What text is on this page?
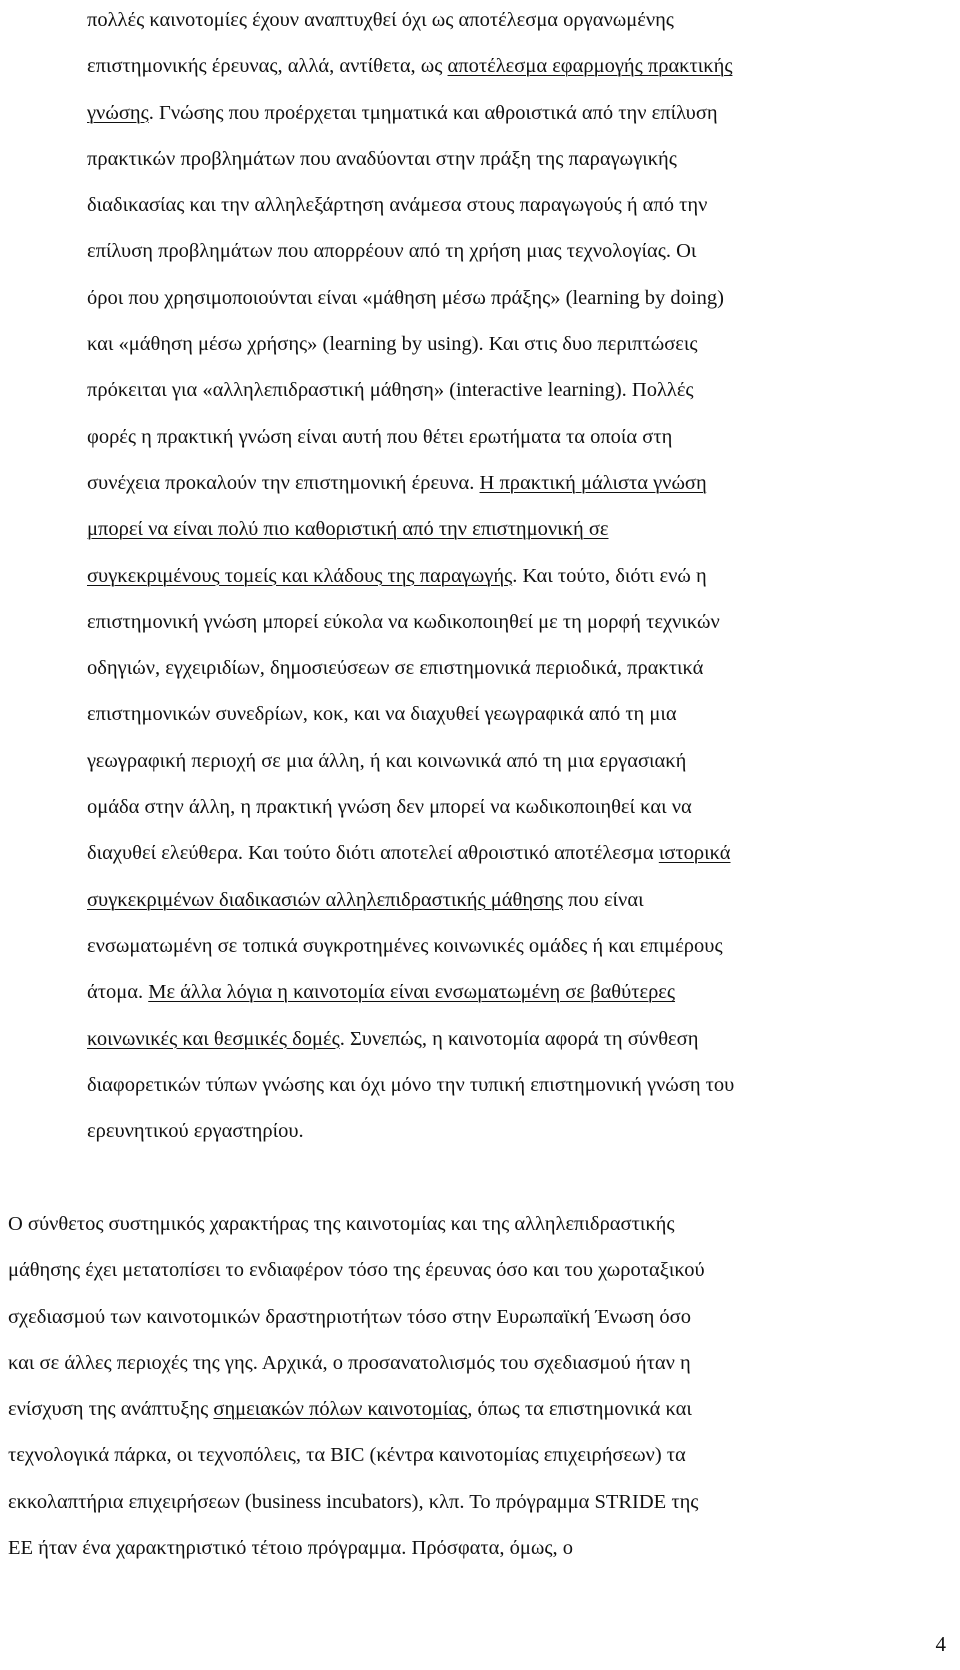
πολλές καινοτομίες έχουν αναπτυχθεί όχι ως αποτέλεσμα οργανωμένης
επιστημονικής έρευνας, αλλά, αντίθετα, ως αποτέλεσμα εφαρμογής πρακτικής
γνώσης. Γνώσης που προέρχεται τμηματικά και αθροιστικά από την επίλυση
πρακτικών προβλημάτων που αναδύονται στην πράξη της παραγωγικής
διαδικασίας και την αλληλεξάρτηση ανάμεσα στους παραγωγούς ή από την
επίλυση προβλημάτων που απορρέουν από τη χρήση μιας τεχνολογίας. Οι
όροι που χρησιμοποιούνται είναι «μάθηση μέσω πράξης» (learning by doing)
και «μάθηση μέσω χρήσης» (learning by using). Και στις δυο περιπτώσεις
πρόκειται για «αλληλεπιδραστική μάθηση» (interactive learning). Πολλές
φορές η πρακτική γνώση είναι αυτή που θέτει ερωτήματα τα οποία στη
συνέχεια προκαλούν την επιστημονική έρευνα. Η πρακτική μάλιστα γνώση
μπορεί να είναι πολύ πιο καθοριστική από την επιστημονική σε
συγκεκριμένους τομείς και κλάδους της παραγωγής. Και τούτο, διότι ενώ η
επιστημονική γνώση μπορεί εύκολα να κωδικοποιηθεί με τη μορφή τεχνικών
οδηγιών, εγχειριδίων, δημοσιεύσεων σε επιστημονικά περιοδικά, πρακτικά
επιστημονικών συνεδρίων, κοκ, και να διαχυθεί γεωγραφικά από τη μια
γεωγραφική περιοχή σε μια άλλη, ή και κοινωνικά από τη μια εργασιακή
ομάδα στην άλλη, η πρακτική γνώση δεν μπορεί να κωδικοποιηθεί και να
διαχυθεί ελεύθερα. Και τούτο διότι αποτελεί αθροιστικό αποτέλεσμα ιστορικά
συγκεκριμένων διαδικασιών αλληλεπιδραστικής μάθησης που είναι
ενσωματωμένη σε τοπικά συγκροτημένες κοινωνικές ομάδες ή και επιμέρους
άτομα. Με άλλα λόγια η καινοτομία είναι ενσωματωμένη σε βαθύτερες
κοινωνικές και θεσμικές δομές. Συνεπώς, η καινοτομία αφορά τη σύνθεση
διαφορετικών τύπων γνώσης και όχι μόνο την τυπική επιστημονική γνώση του
ερευνητικού εργαστηρίου.
Ο σύνθετος συστημικός χαρακτήρας της καινοτομίας και της αλληλεπιδραστικής
μάθησης έχει μετατοπίσει το ενδιαφέρον τόσο της έρευνας όσο και του χωροταξικού
σχεδιασμού των καινοτομικών δραστηριοτήτων τόσο στην Ευρωπαϊκή Ένωση όσο
και σε άλλες περιοχές της γης. Αρχικά, ο προσανατολισμός του σχεδιασμού ήταν η
ενίσχυση της ανάπτυξης σημειακών πόλων καινοτομίας, όπως τα επιστημονικά και
τεχνολογικά πάρκα, οι τεχνοπόλεις, τα BIC (κέντρα καινοτομίας επιχειρήσεων) τα
εκκολαπτήρια επιχειρήσεων (business incubators), κλπ. Το πρόγραμμα STRIDE της
ΕΕ ήταν ένα χαρακτηριστικό τέτοιο πρόγραμμα. Πρόσφατα, όμως, ο
4
